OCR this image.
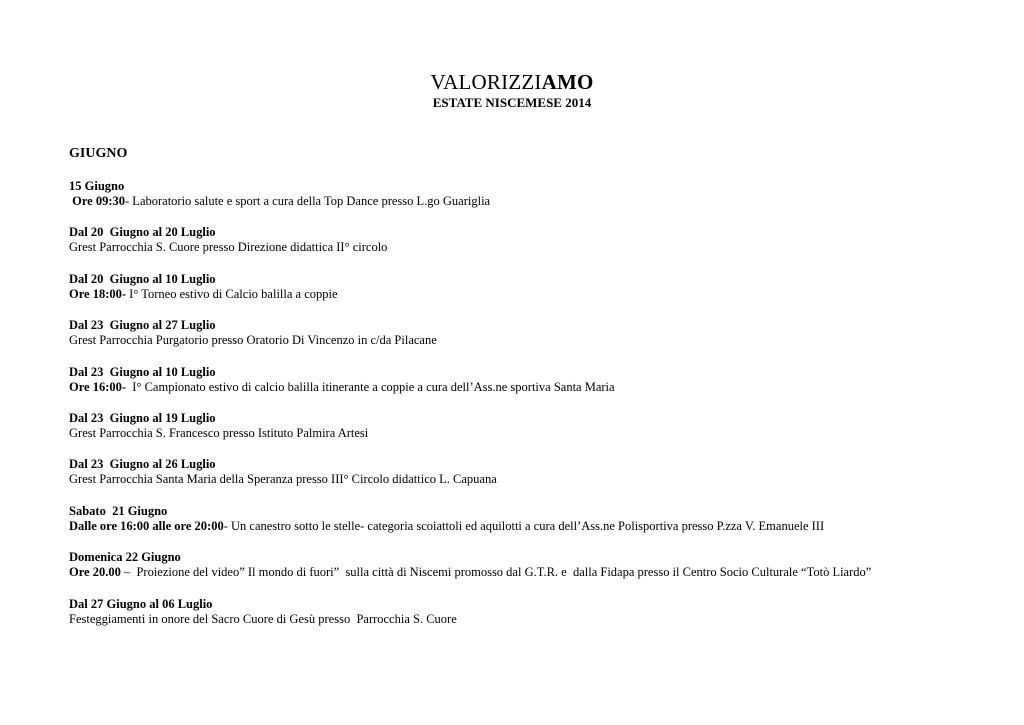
VALORIZZIAMO
ESTATE NISCEMESE 2014
GIUGNO
15 Giugno
Ore 09:30- Laboratorio salute e sport a cura della Top Dance presso L.go Guariglia
Dal 20  Giugno al 20 Luglio
Grest Parrocchia S. Cuore presso Direzione didattica II° circolo
Dal 20  Giugno al 10 Luglio
Ore 18:00- I° Torneo estivo di Calcio balilla a coppie
Dal 23  Giugno al 27 Luglio
Grest Parrocchia Purgatorio presso Oratorio Di Vincenzo in c/da Pilacane
Dal 23  Giugno al 10 Luglio
Ore 16:00-  I° Campionato estivo di calcio balilla itinerante a coppie a cura dell’Ass.ne sportiva Santa Maria
Dal 23  Giugno al 19 Luglio
Grest Parrocchia S. Francesco presso Istituto Palmira Artesi
Dal 23  Giugno al 26 Luglio
Grest Parrocchia Santa Maria della Speranza presso III° Circolo didattico L. Capuana
Sabato  21 Giugno
Dalle ore 16:00 alle ore 20:00- Un canestro sotto le stelle- categoria scoiattoli ed aquilotti a cura dell’Ass.ne Polisportiva presso P.zza V. Emanuele III
Domenica 22 Giugno
Ore 20.00 –  Proiezione del video” Il mondo di fuori”  sulla città di Niscemi promosso dal G.T.R. e  dalla Fidapa presso il Centro Socio Culturale “Totò Liardo”
Dal 27 Giugno al 06 Luglio
Festeggiamenti in onore del Sacro Cuore di Gesù presso  Parrocchia S. Cuore
